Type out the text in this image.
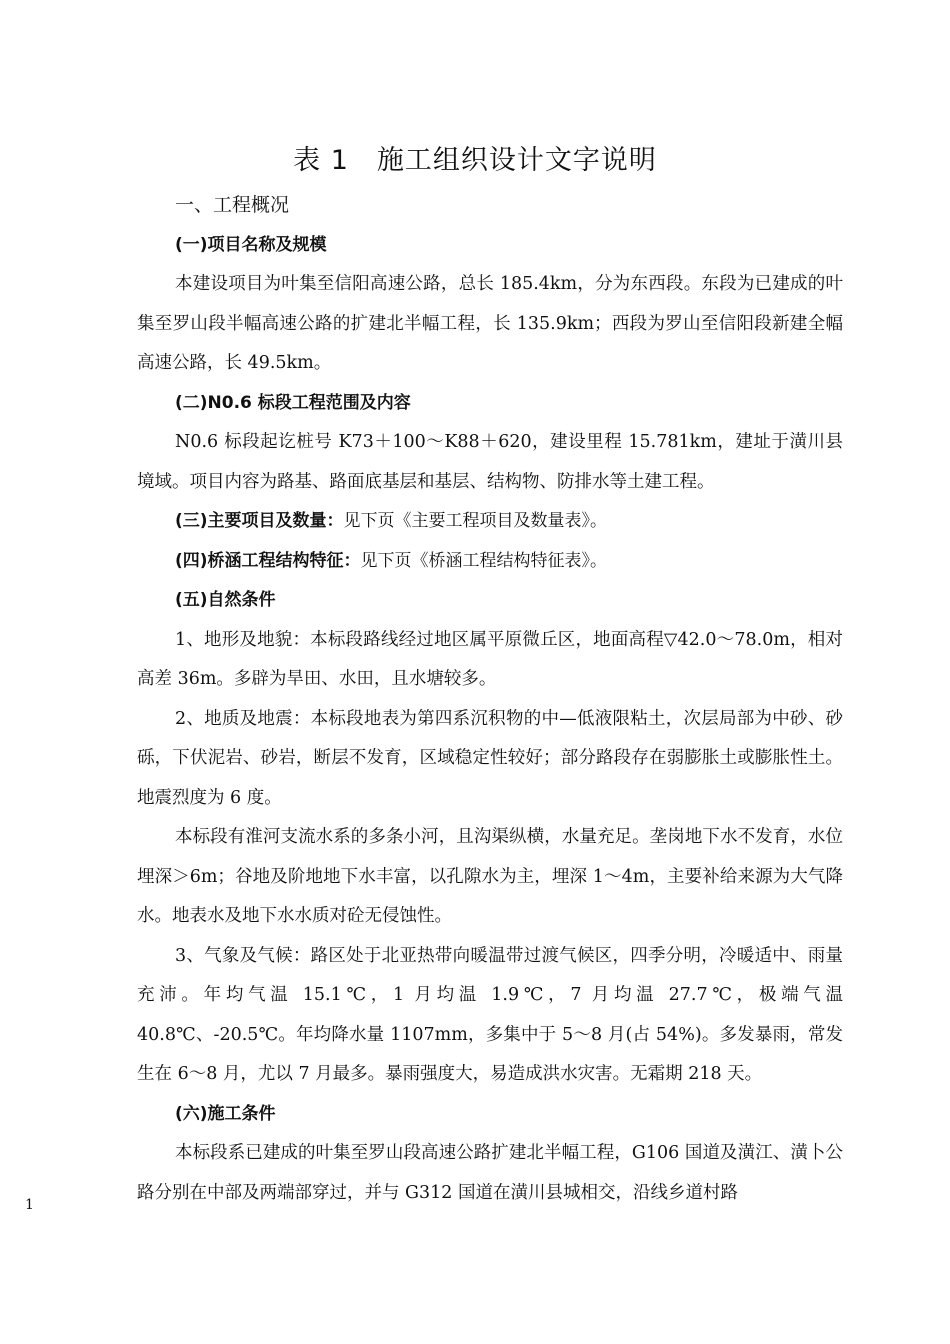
表 1　施工组织设计文字说明
一、工程概况
(一)项目名称及规模

本建设项目为叶集至信阳高速公路，总长 185.4km，分为东西段。东段为已建成的叶集至罗山段半幅高速公路的扩建北半幅工程，长 135.9km；西段为罗山至信阳段新建全幅高速公路，长 49.5km。

(二)N0.6 标段工程范围及内容

N0.6 标段起讫桩号 K73＋100～K88＋620，建设里程 15.781km，建址于潢川县境域。项目内容为路基、路面底基层和基层、结构物、防排水等土建工程。

(三)主要项目及数量：见下页《主要工程项目及数量表》。
(四)桥涵工程结构特征：见下页《桥涵工程结构特征表》。
(五)自然条件

1、地形及地貌：本标段路线经过地区属平原微丘区，地面高程▽42.0～78.0m，相对高差 36m。多辟为旱田、水田，且水塘较多。

2、地质及地震：本标段地表为第四系沉积物的中—低液限粘土，次层局部为中砂、砂砾，下伏泥岩、砂岩，断层不发育，区域稳定性较好；部分路段存在弱膨胀土或膨胀性土。地震烈度为 6 度。

本标段有淮河支流水系的多条小河，且沟渠纵横，水量充足。垄岗地下水不发育，水位埋深＞6m；谷地及阶地地下水丰富，以孔隙水为主，埋深 1～4m，主要补给来源为大气降水。地表水及地下水水质对砼无侵蚀性。

3、气象及气候：路区处于北亚热带向暖温带过渡气候区，四季分明，冷暖适中、雨量充沛。年均气温 15.1℃，1 月均温 1.9℃，7 月均温 27.7℃，极端气温 40.8℃、-20.5℃。年均降水量 1107mm，多集中于 5～8 月(占 54%)。多发暴雨，常发生在 6～8 月，尤以 7 月最多。暴雨强度大，易造成洪水灾害。无霜期 218 天。

(六)施工条件

本标段系已建成的叶集至罗山段高速公路扩建北半幅工程，G106 国道及潢江、潢卜公路分别在中部及两端部穿过，并与 G312 国道在潢川县城相交，沿线乡道村路

1
